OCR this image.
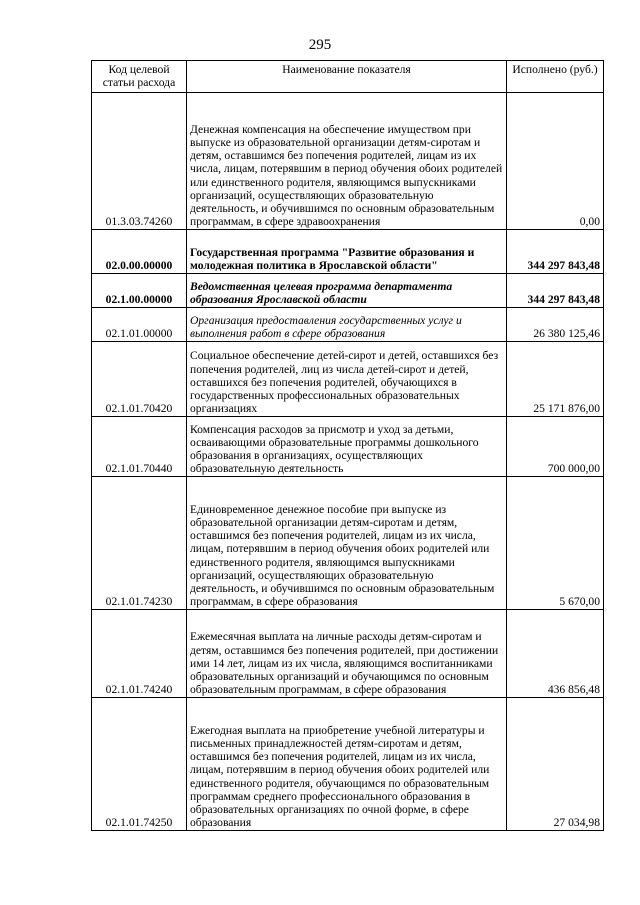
295
Код целевой статьи расхода	Наименование показателя	Исполнено (руб.)
01.3.03.74260	Денежная компенсация на обеспечение имуществом при выпуске из образовательной организации детям-сиротам и детям, оставшимся без попечения родителей, лицам из их числа, лицам, потерявшим в период обучения обоих родителей или единственного родителя, являющимся выпускниками организаций, осуществляющих образовательную деятельность, и обучившимся по основным образовательным программам, в сфере здравоохранения	0,00
02.0.00.00000	Государственная программа "Развитие образования и молодежная политика в Ярославской области"	344 297 843,48
02.1.00.00000	Ведомственная целевая программа департамента образования Ярославской области	344 297 843,48
02.1.01.00000	Организация предоставления государственных услуг и выполнения работ в сфере образования	26 380 125,46
02.1.01.70420	Социальное обеспечение детей-сирот и детей, оставшихся без попечения родителей, лиц из числа детей-сирот и детей, оставшихся без попечения родителей, обучающихся в государственных профессиональных образовательных организациях	25 171 876,00
02.1.01.70440	Компенсация расходов за присмотр и уход за детьми, осваивающими образовательные программы дошкольного образования в организациях, осуществляющих образовательную деятельность	700 000,00
02.1.01.74230	Единовременное денежное пособие при выпуске из образовательной организации детям-сиротам и детям, оставшимся без попечения родителей, лицам из их числа, лицам, потерявшим в период обучения обоих родителей или единственного родителя, являющимся выпускниками организаций, осуществляющих образовательную деятельность, и обучившимся по основным образовательным программам, в сфере образования	5 670,00
02.1.01.74240	Ежемесячная выплата на личные расходы детям-сиротам и детям, оставшимся без попечения родителей, при достижении ими 14 лет, лицам из их числа, являющимся воспитанниками образовательных организаций и обучающимся по основным образовательным программам, в сфере образования	436 856,48
02.1.01.74250	Ежегодная выплата на приобретение учебной литературы и письменных принадлежностей детям-сиротам и детям, оставшимся без попечения родителей, лицам из их числа, лицам, потерявшим в период обучения обоих родителей или единственного родителя, обучающимся по образовательным программам среднего профессионального образования в образовательных организациях по очной форме, в сфере образования	27 034,98
